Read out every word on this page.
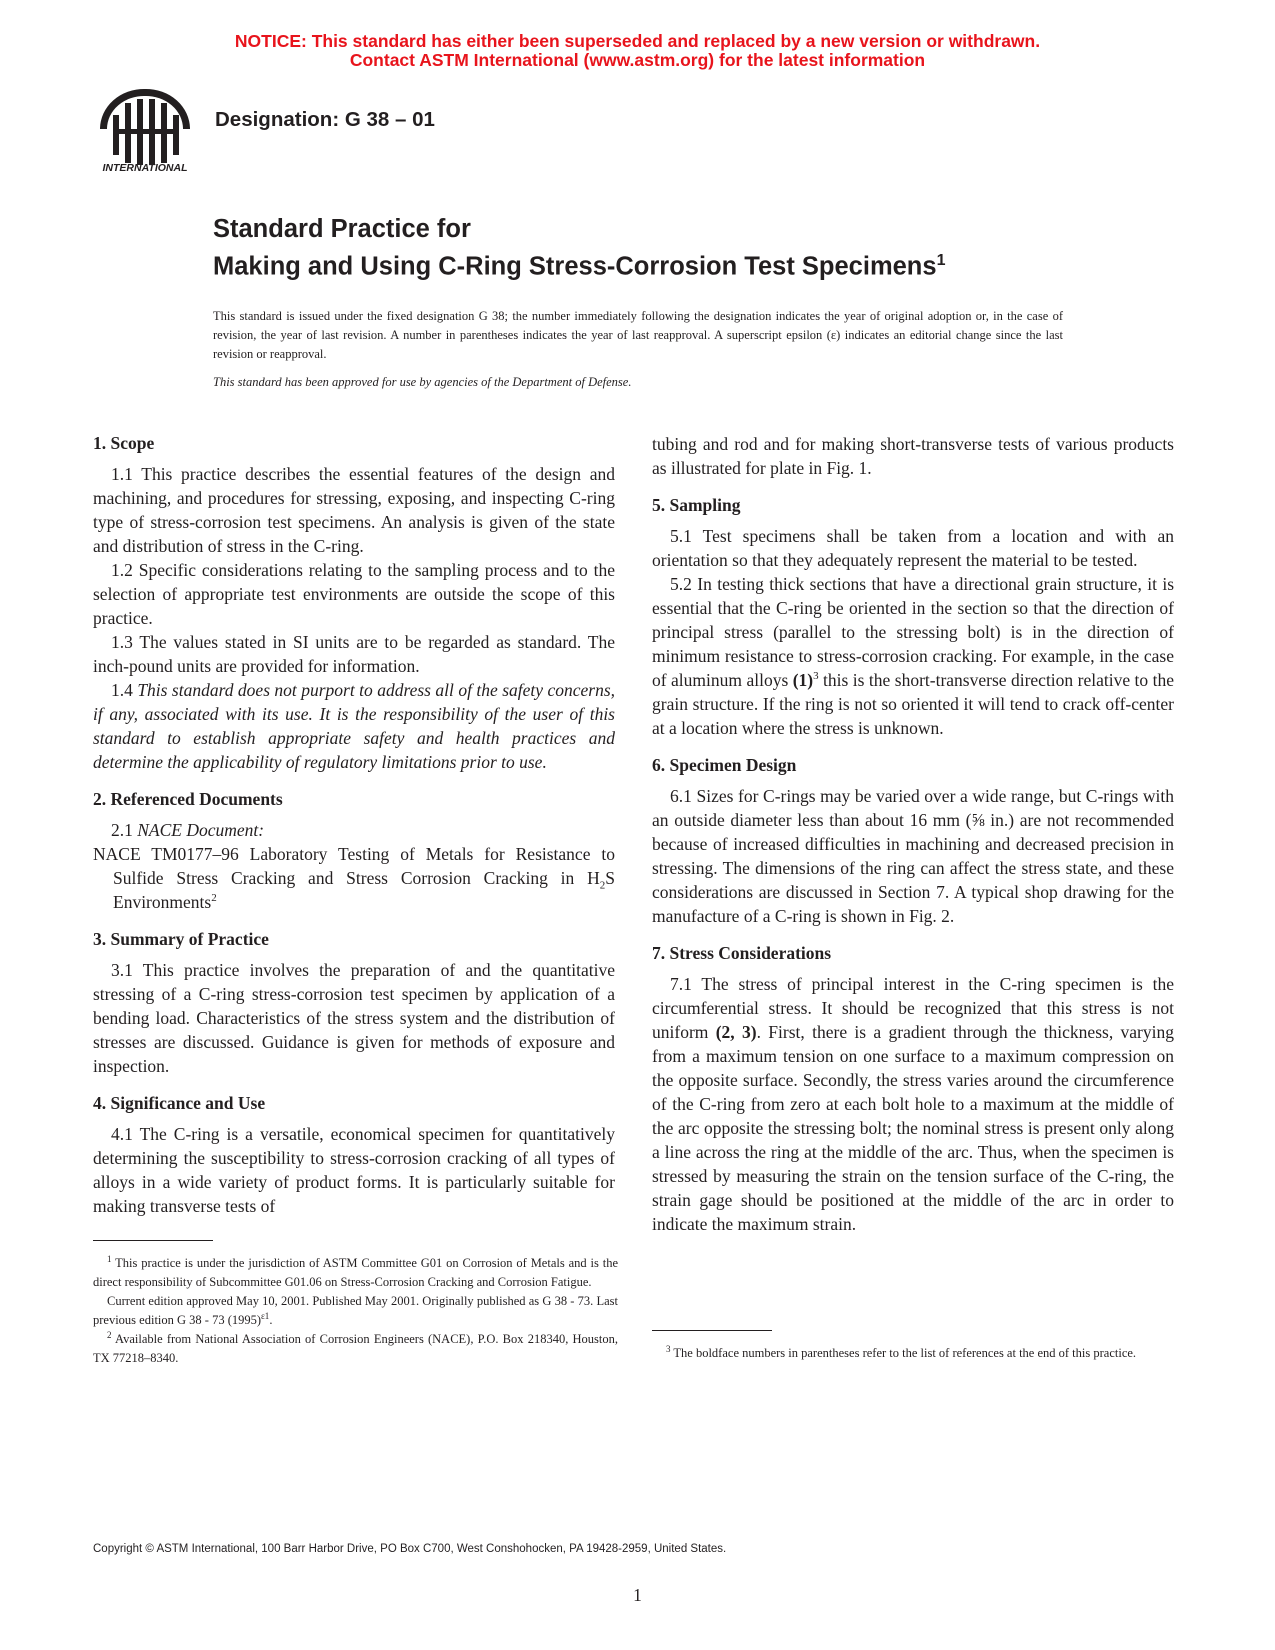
NOTICE: This standard has either been superseded and replaced by a new version or withdrawn.
Contact ASTM International (www.astm.org) for the latest information
INTERNATIONAL
Designation: G 38 – 01
Standard Practice for
Making and Using C-Ring Stress-Corrosion Test Specimens$^1$
This standard is issued under the fixed designation G 38; the number immediately following the designation indicates the year of original adoption or, in the case of revision, the year of last revision. A number in parentheses indicates the year of last reapproval. A superscript epsilon (ε) indicates an editorial change since the last revision or reapproval.
This standard has been approved for use by agencies of the Department of Defense.
1. Scope

1.1 This practice describes the essential features of the design and machining, and procedures for stressing, exposing, and inspecting C-ring type of stress-corrosion test specimens. An analysis is given of the state and distribution of stress in the C-ring.

1.2 Specific considerations relating to the sampling process and to the selection of appropriate test environments are outside the scope of this practice.

1.3 The values stated in SI units are to be regarded as standard. The inch-pound units are provided for information.

1.4 This standard does not purport to address all of the safety concerns, if any, associated with its use. It is the responsibility of the user of this standard to establish appropriate safety and health practices and determine the applicability of regulatory limitations prior to use.

2. Referenced Documents

2.1 NACE Document:

NACE TM0177–96 Laboratory Testing of Metals for Resistance to Sulfide Stress Cracking and Stress Corrosion Cracking in $H_2S$ Environments$^2$

3. Summary of Practice

3.1 This practice involves the preparation of and the quantitative stressing of a C-ring stress-corrosion test specimen by application of a bending load. Characteristics of the stress system and the distribution of stresses are discussed. Guidance is given for methods of exposure and inspection.

4. Significance and Use

4.1 The C-ring is a versatile, economical specimen for quantitatively determining the susceptibility to stress-corrosion cracking of all types of alloys in a wide variety of product forms. It is particularly suitable for making transverse tests of

tubing and rod and for making short-transverse tests of various products as illustrated for plate in Fig. 1.

5. Sampling

5.1 Test specimens shall be taken from a location and with an orientation so that they adequately represent the material to be tested.

5.2 In testing thick sections that have a directional grain structure, it is essential that the C-ring be oriented in the section so that the direction of principal stress (parallel to the stressing bolt) is in the direction of minimum resistance to stress-corrosion cracking. For example, in the case of aluminum alloys $(1)^3$ this is the short-transverse direction relative to the grain structure. If the ring is not so oriented it will tend to crack off-center at a location where the stress is unknown.

6. Specimen Design

6.1 Sizes for C-rings may be varied over a wide range, but C-rings with an outside diameter less than about 16 mm (⅝ in.) are not recommended because of increased difficulties in machining and decreased precision in stressing. The dimensions of the ring can affect the stress state, and these considerations are discussed in Section 7. A typical shop drawing for the manufacture of a C-ring is shown in Fig. 2.

7. Stress Considerations

7.1 The stress of principal interest in the C-ring specimen is the circumferential stress. It should be recognized that this stress is not uniform (2, 3). First, there is a gradient through the thickness, varying from a maximum tension on one surface to a maximum compression on the opposite surface. Secondly, the stress varies around the circumference of the C-ring from zero at each bolt hole to a maximum at the middle of the arc opposite the stressing bolt; the nominal stress is present only along a line across the ring at the middle of the arc. Thus, when the specimen is stressed by measuring the strain on the tension surface of the C-ring, the strain gage should be positioned at the middle of the arc in order to indicate the maximum strain.

$^1$ This practice is under the jurisdiction of ASTM Committee G01 on Corrosion of Metals and is the direct responsibility of Subcommittee G01.06 on Stress-Corrosion Cracking and Corrosion Fatigue.

Current edition approved May 10, 2001. Published May 2001. Originally published as G 38 - 73. Last previous edition G 38 - 73 $(1995)^{\varepsilon 1}$.

$^2$ Available from National Association of Corrosion Engineers (NACE), P.O. Box 218340, Houston, TX 77218–8340.

$^3$ The boldface numbers in parentheses refer to the list of references at the end of this practice.

Copyright © ASTM International, 100 Barr Harbor Drive, PO Box C700, West Conshohocken, PA 19428-2959, United States.
1
